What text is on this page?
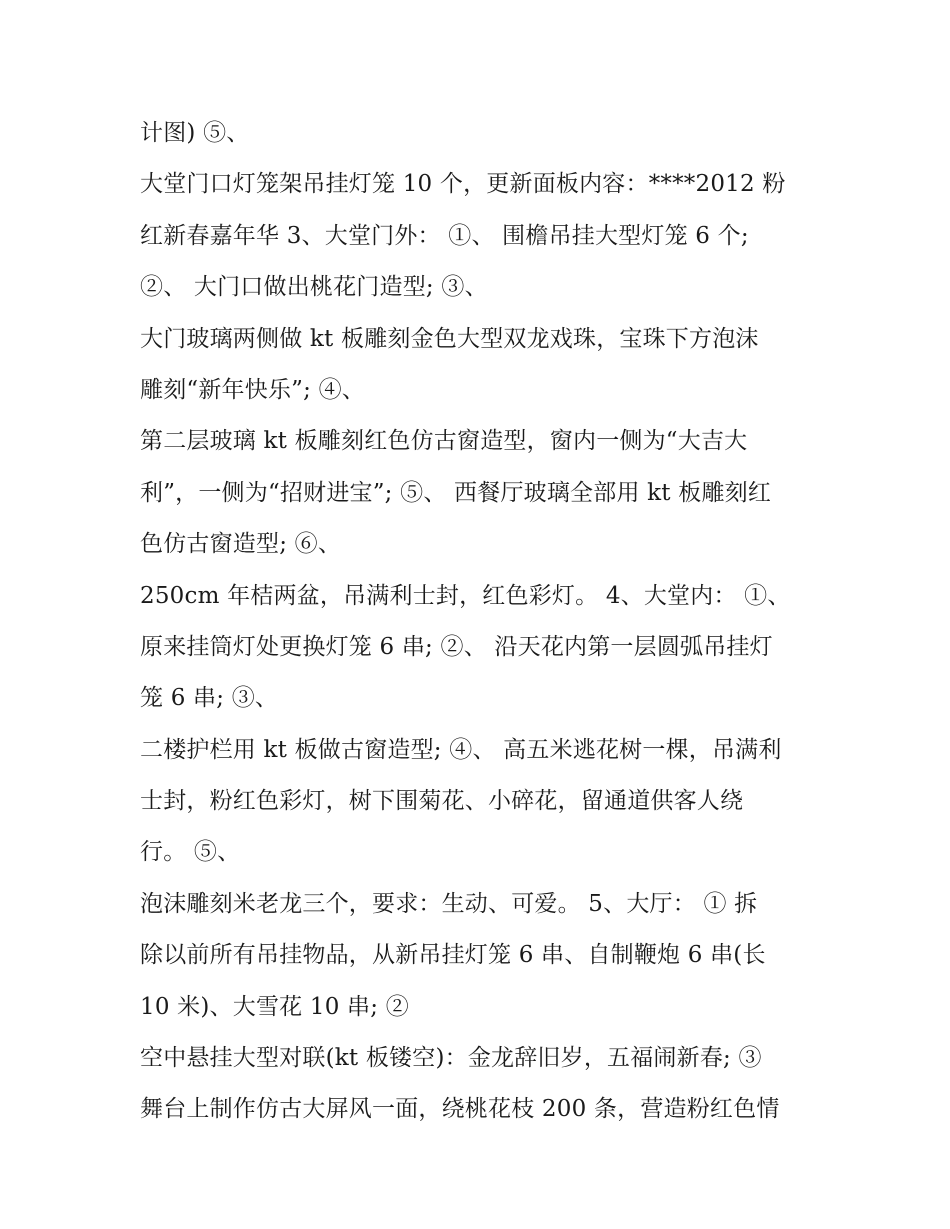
计图) ⑤、
大堂门口灯笼架吊挂灯笼 10 个，更新面板内容：****2012 粉
红新春嘉年华 3、大堂门外： ①、 围檐吊挂大型灯笼 6 个;
②、 大门口做出桃花门造型; ③、
大门玻璃两侧做 kt 板雕刻金色大型双龙戏珠，宝珠下方泡沫
雕刻“新年快乐”; ④、
第二层玻璃 kt 板雕刻红色仿古窗造型，窗内一侧为“大吉大
利”，一侧为“招财进宝”; ⑤、 西餐厅玻璃全部用 kt 板雕刻红
色仿古窗造型; ⑥、
250cm 年桔两盆，吊满利士封，红色彩灯。 4、大堂内： ①、
原来挂筒灯处更换灯笼 6 串; ②、 沿天花内第一层圆弧吊挂灯
笼 6 串; ③、
二楼护栏用 kt 板做古窗造型; ④、 高五米逃花树一棵，吊满利
士封，粉红色彩灯，树下围菊花、小碎花，留通道供客人绕
行。 ⑤、
泡沫雕刻米老龙三个，要求：生动、可爱。 5、大厅： ① 拆
除以前所有吊挂物品，从新吊挂灯笼 6 串、自制鞭炮 6 串(长
10 米)、大雪花 10 串; ②
空中悬挂大型对联(kt 板镂空)：金龙辞旧岁，五福闹新春; ③
舞台上制作仿古大屏风一面，绕桃花枝 200 条，营造粉红色情
